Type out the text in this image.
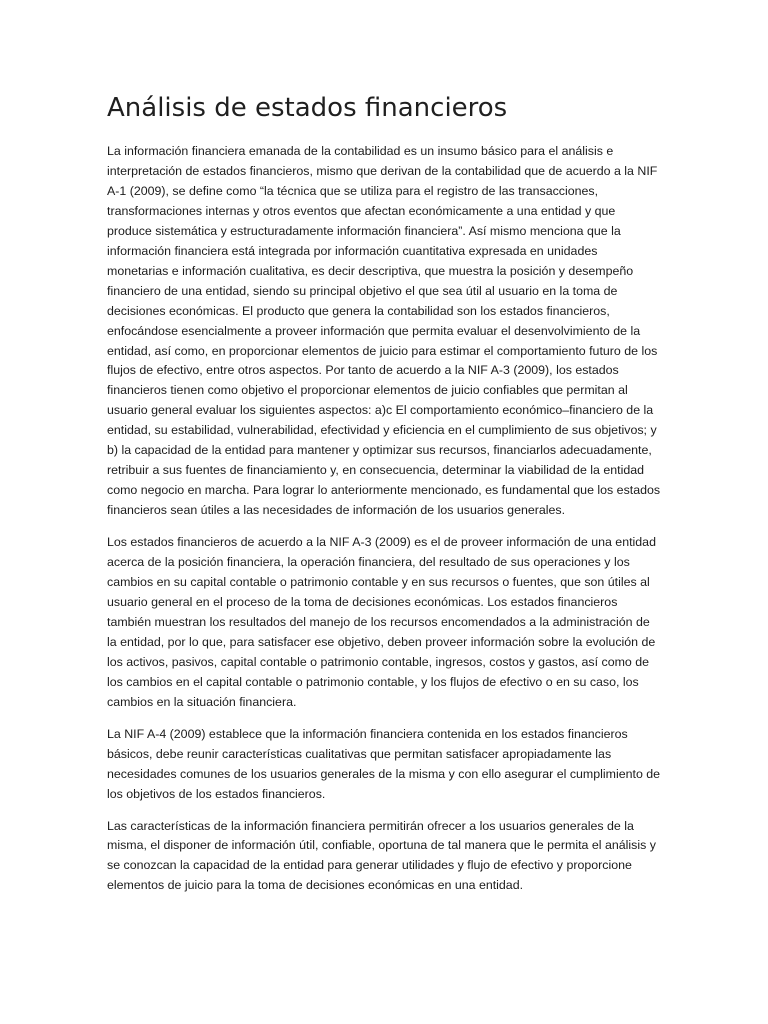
Análisis de estados financieros

La información financiera emanada de la contabilidad es un insumo básico para el análisis e interpretación de estados financieros, mismo que derivan de la contabilidad que de acuerdo a la NIF A-1 (2009), se define como “la técnica que se utiliza para el registro de las transacciones, transformaciones internas y otros eventos que afectan económicamente a una entidad y que produce sistemática y estructuradamente información financiera”. Así mismo menciona que la información financiera está integrada por información cuantitativa expresada en unidades monetarias e información cualitativa, es decir descriptiva, que muestra la posición y desempeño financiero de una entidad, siendo su principal objetivo el que sea útil al usuario en la toma de decisiones económicas. El producto que genera la contabilidad son los estados financieros, enfocándose esencialmente a proveer información que permita evaluar el desenvolvimiento de la entidad, así como, en proporcionar elementos de juicio para estimar el comportamiento futuro de los flujos de efectivo, entre otros aspectos. Por tanto de acuerdo a la NIF A-3 (2009), los estados financieros tienen como objetivo el proporcionar elementos de juicio confiables que permitan al usuario general evaluar los siguientes aspectos: a)c El comportamiento económico–financiero de la entidad, su estabilidad, vulnerabilidad, efectividad y eficiencia en el cumplimiento de sus objetivos; y b) la capacidad de la entidad para mantener y optimizar sus recursos, financiarlos adecuadamente, retribuir a sus fuentes de financiamiento y, en consecuencia, determinar la viabilidad de la entidad como negocio en marcha. Para lograr lo anteriormente mencionado, es fundamental que los estados financieros sean útiles a las necesidades de información de los usuarios generales.

Los estados financieros de acuerdo a la NIF A-3 (2009) es el de proveer información de una entidad acerca de la posición financiera, la operación financiera, del resultado de sus operaciones y los cambios en su capital contable o patrimonio contable y en sus recursos o fuentes, que son útiles al usuario general en el proceso de la toma de decisiones económicas. Los estados financieros también muestran los resultados del manejo de los recursos encomendados a la administración de la entidad, por lo que, para satisfacer ese objetivo, deben proveer información sobre la evolución de los activos, pasivos, capital contable o patrimonio contable, ingresos, costos y gastos, así como de los cambios en el capital contable o patrimonio contable, y los flujos de efectivo o en su caso, los cambios en la situación financiera.

La NIF A-4 (2009) establece que la información financiera contenida en los estados financieros básicos, debe reunir características cualitativas que permitan satisfacer apropiadamente las necesidades comunes de los usuarios generales de la misma y con ello asegurar el cumplimiento de los objetivos de los estados financieros.

Las características de la información financiera permitirán ofrecer a los usuarios generales de la misma, el disponer de información útil, confiable, oportuna de tal manera que le permita el análisis y se conozcan la capacidad de la entidad para generar utilidades y flujo de efectivo y proporcione elementos de juicio para la toma de decisiones económicas en una entidad.
